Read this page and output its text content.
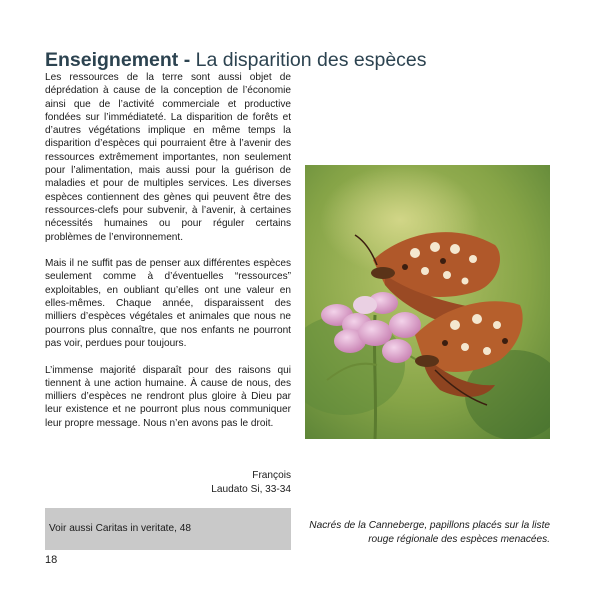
Enseignement - La disparition des espèces

Les ressources de la terre sont aussi objet de déprédation à cause de la conception de l’économie ainsi que de l’activité commerciale et productive fondées sur l’immédiateté. La disparition de forêts et d’autres végétations implique en même temps la disparition d’espèces qui pourraient être à l’avenir des ressources extrêmement importantes, non seulement pour l’alimentation, mais aussi pour la guérison de maladies et pour de multiples services. Les diverses espèces contiennent des gènes qui peuvent être des ressources-clefs pour subvenir, à l’avenir, à certaines nécessités humaines ou pour réguler certains problèmes de l’environnement.

Mais il ne suffit pas de penser aux différentes espèces seulement comme à d’éventuelles “ressources” exploitables, en oubliant qu’elles ont une valeur en elles-mêmes. Chaque année, disparaissent des milliers d’espèces végétales et animales que nous ne pourrons plus connaître, que nos enfants ne pourront pas voir, perdues pour toujours.

L’immense majorité disparaît pour des raisons qui tiennent à une action humaine. À cause de nous, des milliers d’espèces ne rendront plus gloire à Dieu par leur existence et ne pourront plus nous communiquer leur propre message. Nous n’en avons pas le droit.

François
Laudato Si, 33-34
Voir aussi Caritas in veritate, 48	Nacrés de la Canneberge, papillons placés sur la liste rouge régionale des espèces menacées.
18
